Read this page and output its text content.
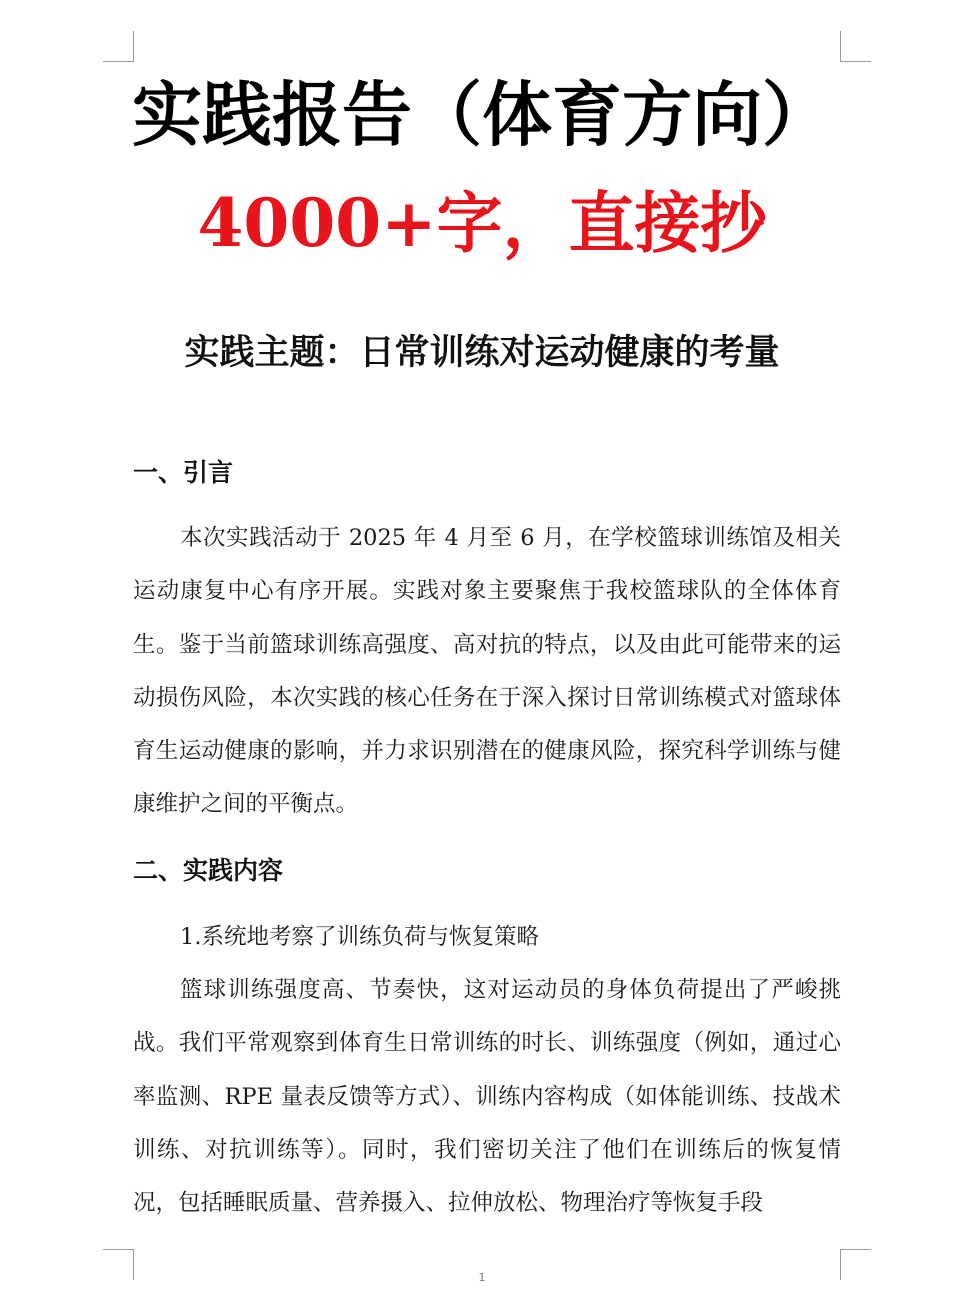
实践报告（体育方向）
4000+字，直接抄
实践主题：日常训练对运动健康的考量
一、引言

本次实践活动于 2025 年 4 月至 6 月，在学校篮球训练馆及相关运动康复中心有序开展。实践对象主要聚焦于我校篮球队的全体体育生。鉴于当前篮球训练高强度、高对抗的特点，以及由此可能带来的运动损伤风险，本次实践的核心任务在于深入探讨日常训练模式对篮球体育生运动健康的影响，并力求识别潜在的健康风险，探究科学训练与健康维护之间的平衡点。

二、实践内容
1.系统地考察了训练负荷与恢复策略

篮球训练强度高、节奏快，这对运动员的身体负荷提出了严峻挑战。我们平常观察到体育生日常训练的时长、训练强度（例如，通过心率监测、RPE 量表反馈等方式）、训练内容构成（如体能训练、技战术训练、对抗训练等）。同时，我们密切关注了他们在训练后的恢复情况，包括睡眠质量、营养摄入、拉伸放松、物理治疗等恢复手段

1
